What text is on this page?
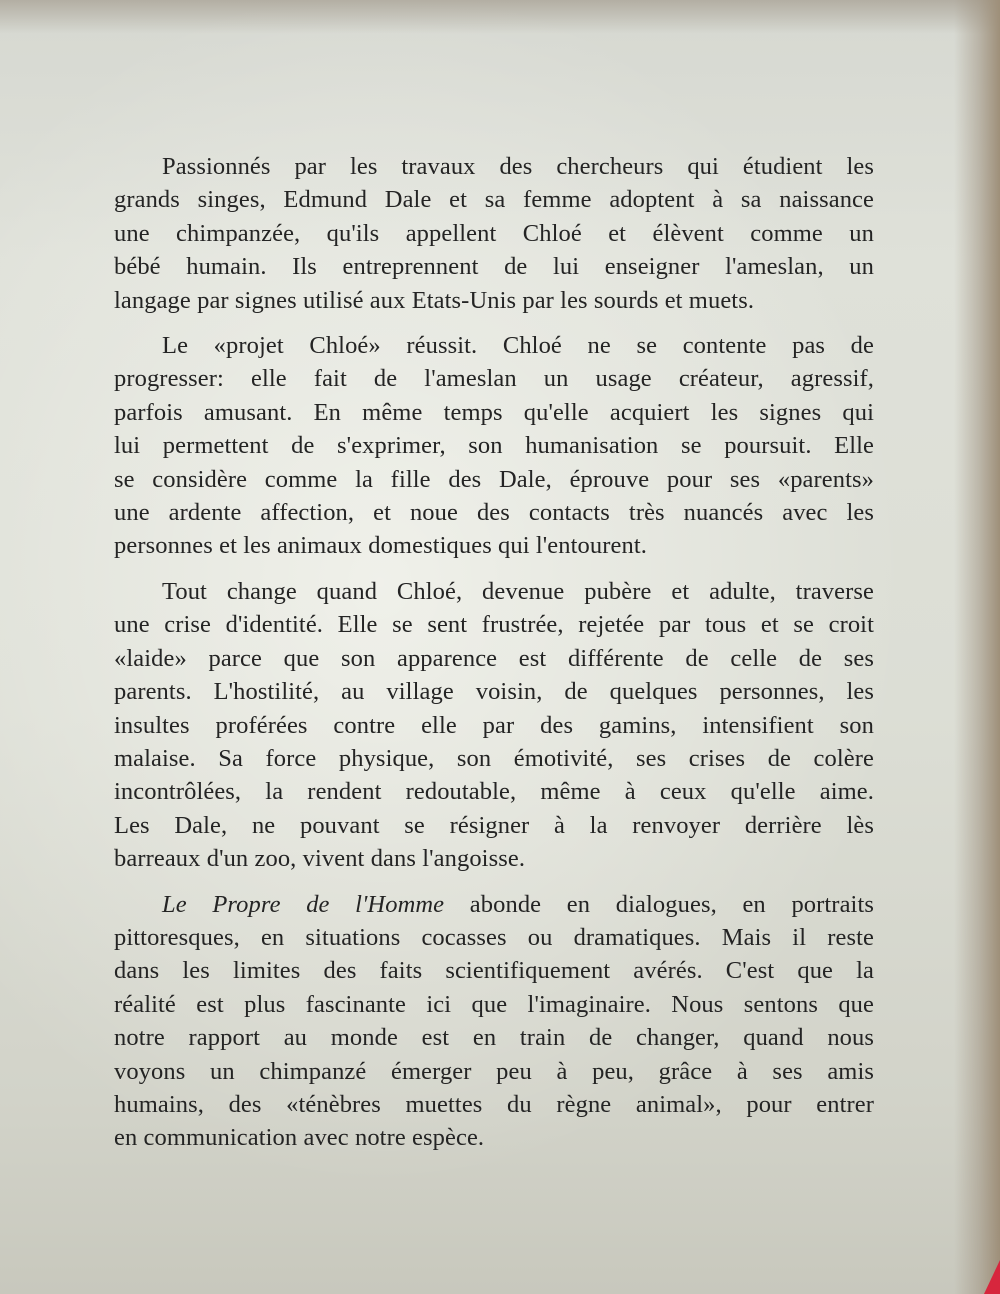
Passionnés par les travaux des chercheurs qui étudient les
grands singes, Edmund Dale et sa femme adoptent à sa naissance
une chimpanzée, qu'ils appellent Chloé et élèvent comme un
bébé humain. Ils entreprennent de lui enseigner l'ameslan, un
langage par signes utilisé aux Etats-Unis par les sourds et muets.

Le «projet Chloé» réussit. Chloé ne se contente pas de
progresser: elle fait de l'ameslan un usage créateur, agressif,
parfois amusant. En même temps qu'elle acquiert les signes qui
lui permettent de s'exprimer, son humanisation se poursuit. Elle
se considère comme la fille des Dale, éprouve pour ses «parents»
une ardente affection, et noue des contacts très nuancés avec les
personnes et les animaux domestiques qui l'entourent.

Tout change quand Chloé, devenue pubère et adulte, traverse
une crise d'identité. Elle se sent frustrée, rejetée par tous et se croit
«laide» parce que son apparence est différente de celle de ses
parents. L'hostilité, au village voisin, de quelques personnes, les
insultes proférées contre elle par des gamins, intensifient son
malaise. Sa force physique, son émotivité, ses crises de colère
incontrôlées, la rendent redoutable, même à ceux qu'elle aime.
Les Dale, ne pouvant se résigner à la renvoyer derrière lès
barreaux d'un zoo, vivent dans l'angoisse.

Le Propre de l'Homme abonde en dialogues, en portraits
pittoresques, en situations cocasses ou dramatiques. Mais il reste
dans les limites des faits scientifiquement avérés. C'est que la
réalité est plus fascinante ici que l'imaginaire. Nous sentons que
notre rapport au monde est en train de changer, quand nous
voyons un chimpanzé émerger peu à peu, grâce à ses amis
humains, des «ténèbres muettes du règne animal», pour entrer
en communication avec notre espèce.
